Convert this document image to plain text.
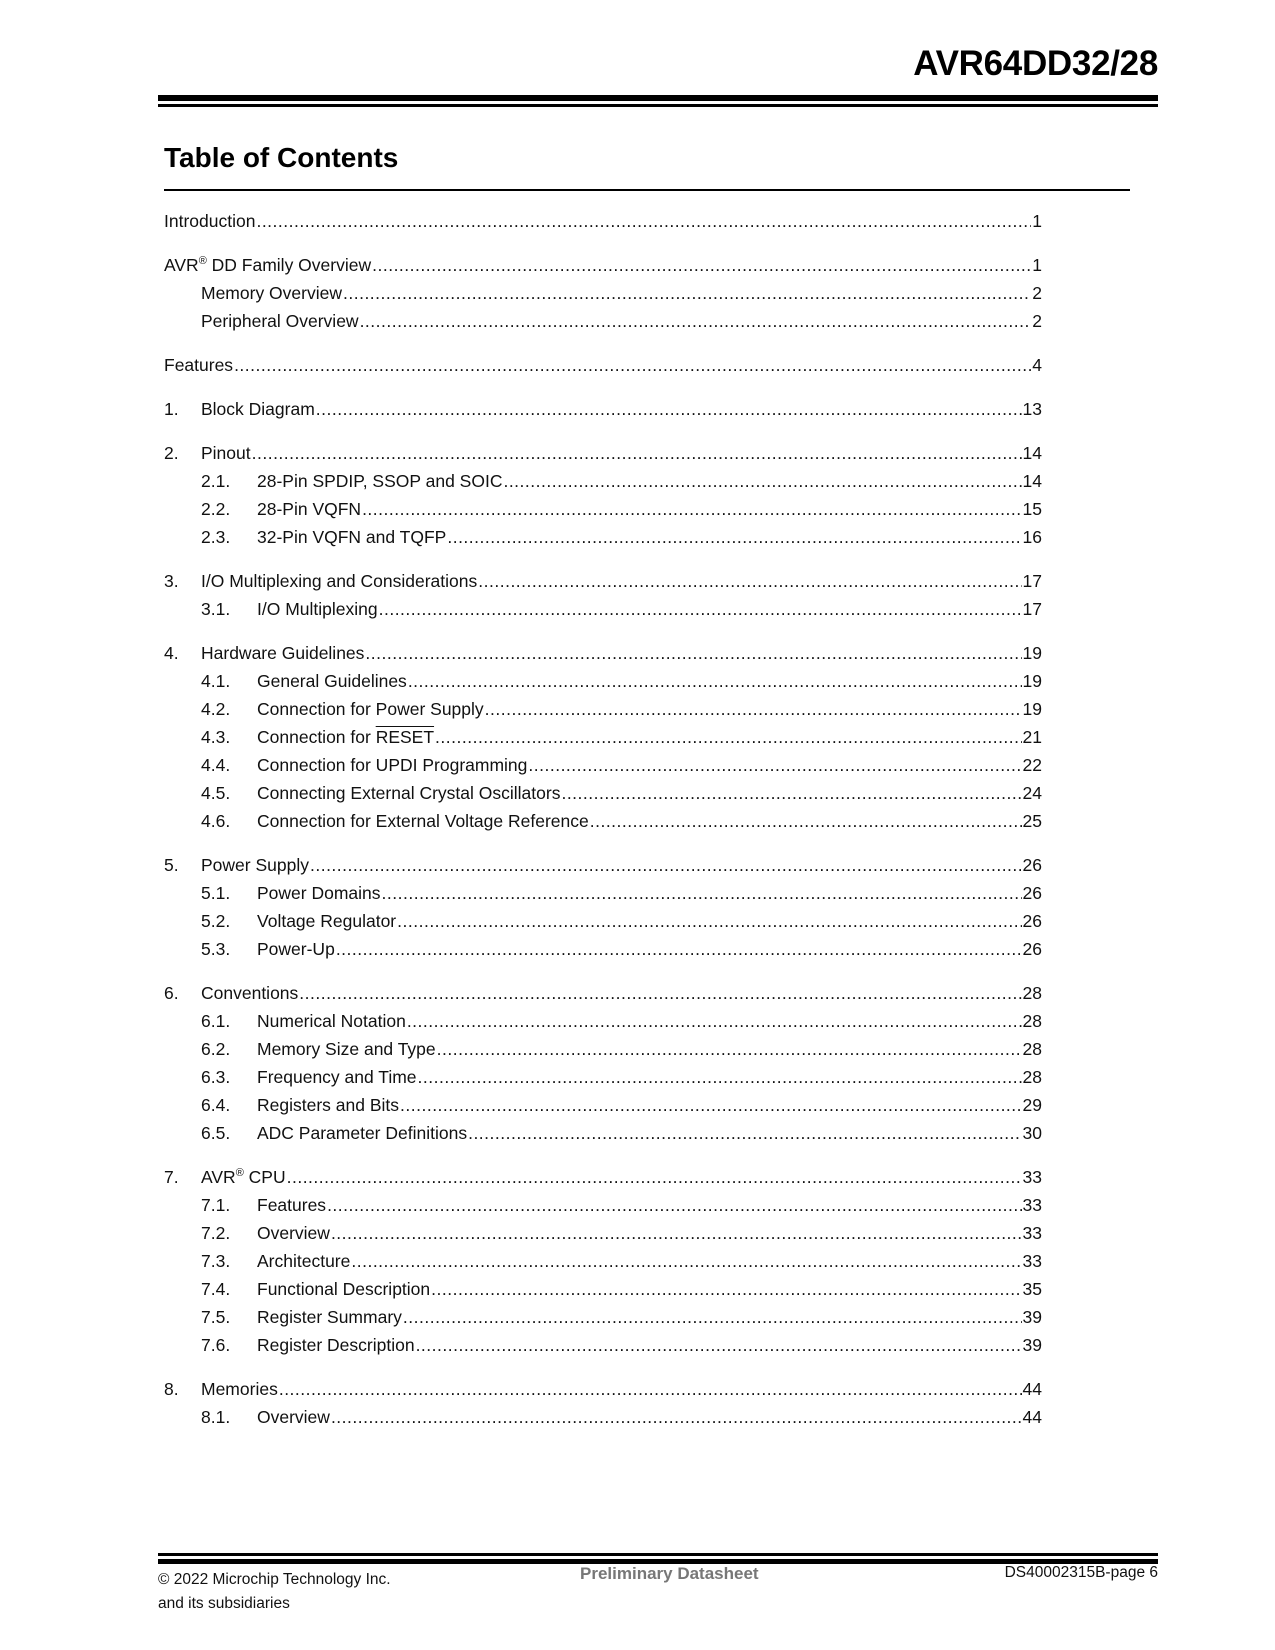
AVR64DD32/28
Table of Contents
Introduction .....	1
AVR® DD Family Overview .....	1
Memory Overview .....	2
Peripheral Overview .....	2
Features .....	4
1.	Block Diagram .....	13
2.	Pinout .....	14
2.1.	28-Pin SPDIP, SSOP and SOIC .....	14
2.2.	28-Pin VQFN .....	15
2.3.	32-Pin VQFN and TQFP .....	16
3.	I/O Multiplexing and Considerations .....	17
3.1.	I/O Multiplexing .....	17
4.	Hardware Guidelines .....	19
4.1.	General Guidelines .....	19
4.2.	Connection for Power Supply .....	19
4.3.	Connection for RESET .....	21
4.4.	Connection for UPDI Programming .....	22
4.5.	Connecting External Crystal Oscillators .....	24
4.6.	Connection for External Voltage Reference .....	25
5.	Power Supply .....	26
5.1.	Power Domains .....	26
5.2.	Voltage Regulator .....	26
5.3.	Power-Up .....	26
6.	Conventions .....	28
6.1.	Numerical Notation .....	28
6.2.	Memory Size and Type .....	28
6.3.	Frequency and Time .....	28
6.4.	Registers and Bits .....	29
6.5.	ADC Parameter Definitions .....	30
7.	AVR® CPU .....	33
7.1.	Features .....	33
7.2.	Overview .....	33
7.3.	Architecture .....	33
7.4.	Functional Description .....	35
7.5.	Register Summary .....	39
7.6.	Register Description .....	39
8.	Memories .....	44
8.1.	Overview .....	44
© 2022 Microchip Technology Inc.
and its subsidiaries
Preliminary Datasheet	DS40002315B-page 6
